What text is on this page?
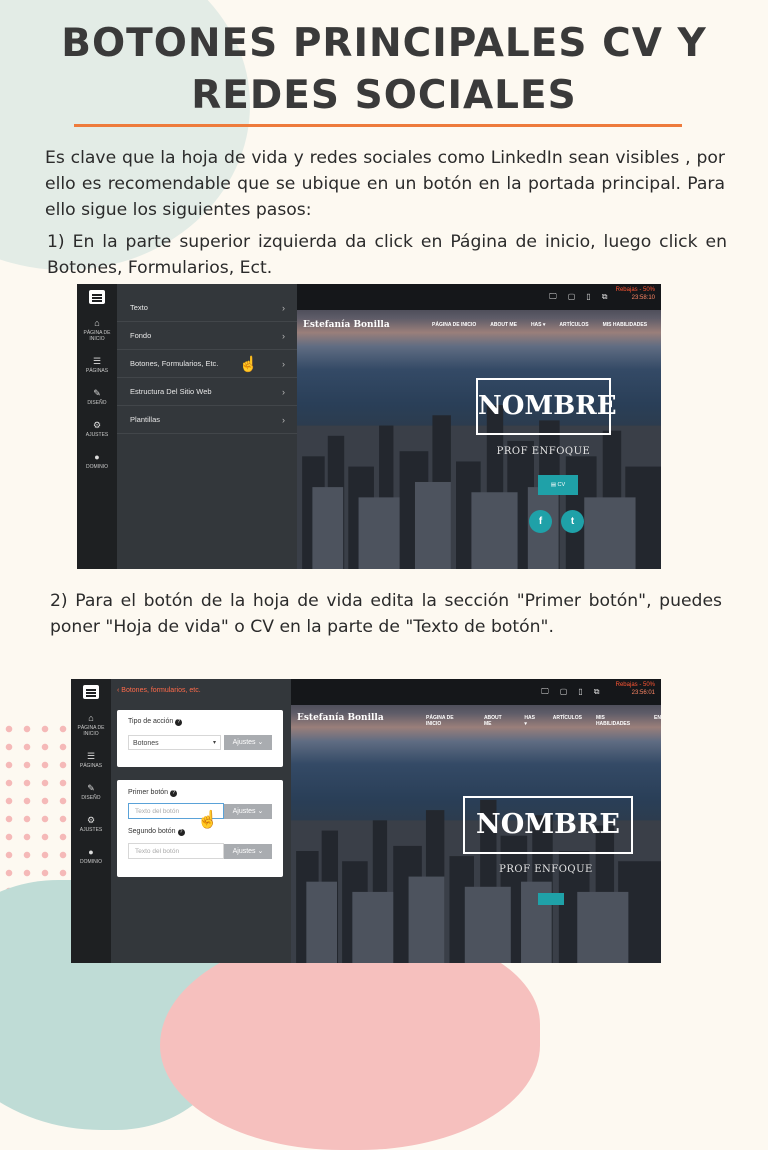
BOTONES PRINCIPALES CV Y
REDES SOCIALES
Es clave que la hoja de vida y redes sociales como LinkedIn sean visibles , por ello es recomendable que se ubique en un botón en la portada principal. Para ello sigue los siguientes pasos:
1) En la parte superior izquierda da click en Página de inicio, luego click en Botones, Formularios, Ect.
⌂
PÁGINA DE INICIO
☰
PÁGINAS
✎
DISEÑO
⚙
AJUSTES
●
DOMINIO
Texto	›
Fondo	›
Botones, Formularios, Etc. ☝	›
Estructura Del Sitio Web	›
Plantillas	›
🖵 ▢ ▯ ⧉
Rebajas - 50%
23:58:10
Estefanía Bonilla	PÁGINA DE INICIO	ABOUT ME	HAS ▾	ARTÍCULOS	MIS HABILIDADES
NOMBRE
PROF ENFOQUE
▤ CV
f	t
2) Para el botón de la hoja de vida edita la sección "Primer botón", puedes poner "Hoja de vida" o CV en la parte de "Texto de botón".
⌂
PÁGINA DE INICIO
☰
PÁGINAS
✎
DISEÑO
⚙
AJUSTES
●
DOMINIO
‹ Botones, formularios, etc.
Tipo de acción ?
Botones	▾	Ajustes ⌄
Primer botón ?
Texto del botón	Ajustes ⌄
☝
Segundo botón ?
Texto del botón	Ajustes ⌄
🖵 ▢ ▯ ⧉
Rebajas - 50%
23:56:01
Estefanía Bonilla	PÁGINA DE INICIO
ABOUT ME
HAS ▾
ARTÍCULOS	MIS HABILIDADES
EN
NOMBRE
PROF ENFOQUE
